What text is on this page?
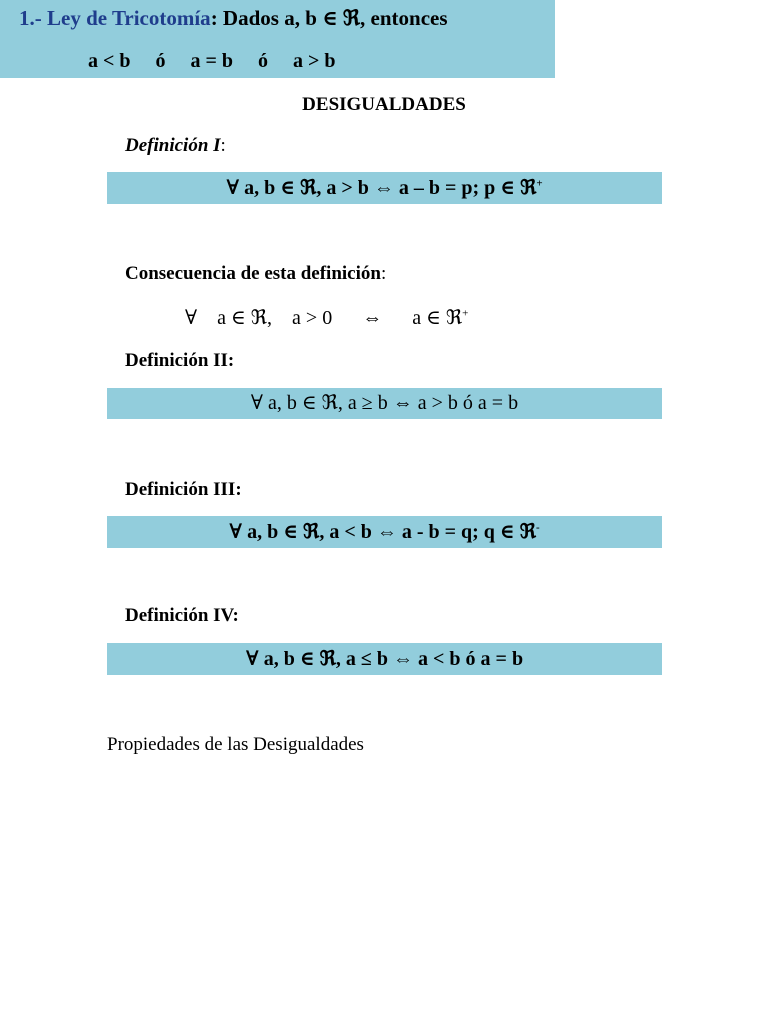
DESIGUALDADES
Definición I:
∀ a, b ∈ ℜ, a > b ⇔ a – b = p; p ∈ ℜ+
Consecuencia de esta definición:
∀    a ∈ ℜ,    a > 0      ⇔      a ∈ ℜ+
Definición II:
∀ a, b ∈ ℜ, a ≥ b ⇔ a > b ó a = b
Definición III:
∀ a, b ∈ ℜ, a < b ⇔ a - b = q; q ∈ ℜ-
Definición IV:
∀ a, b ∈ ℜ, a ≤ b ⇔ a < b ó a = b
Propiedades de las Desigualdades
1.- Ley de Tricotomía: Dados a, b ∈ ℜ, entonces
a < b     ó     a = b     ó     a > b
